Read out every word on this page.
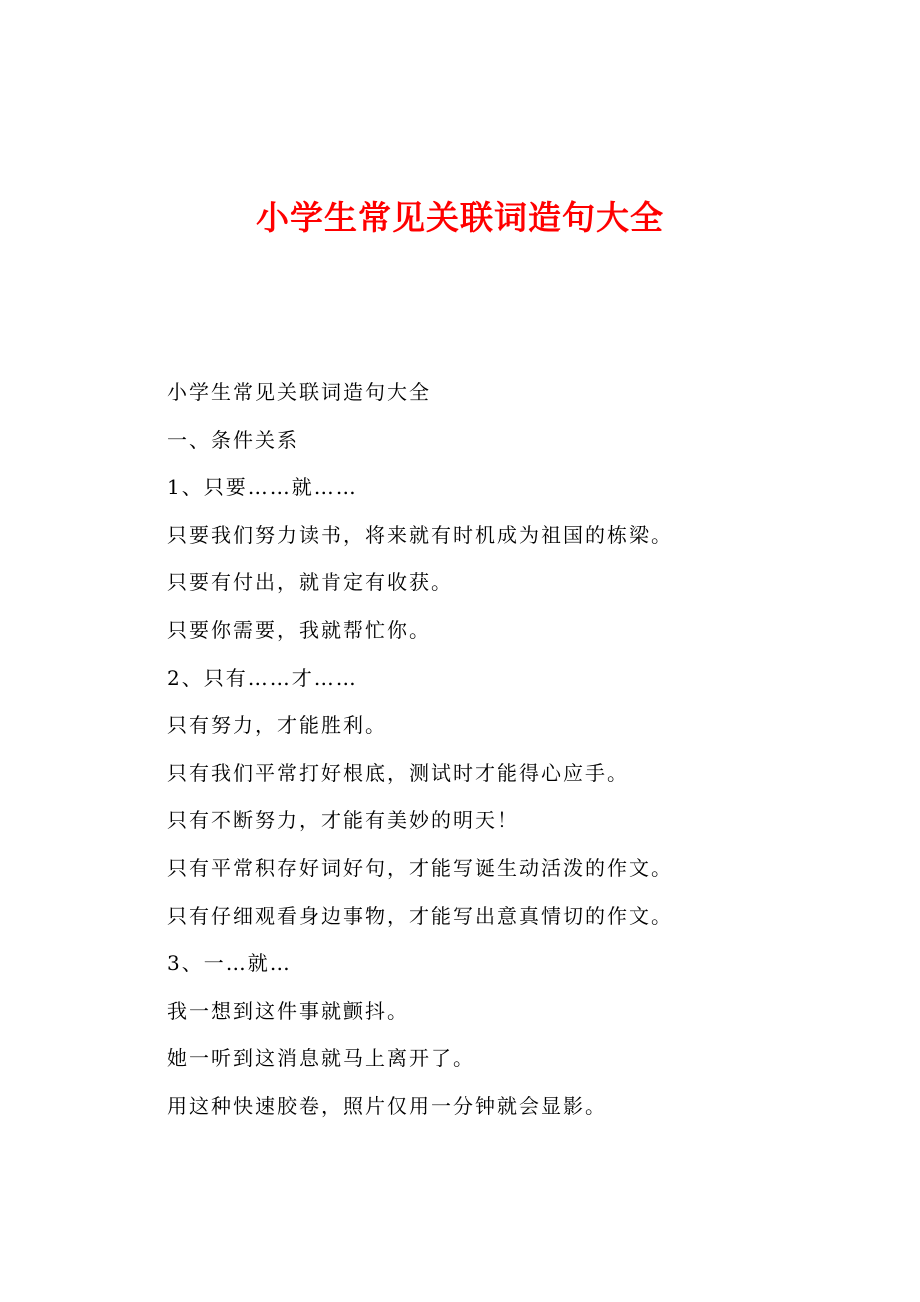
小学生常见关联词造句大全
小学生常见关联词造句大全
一、条件关系
1、只要……就……
只要我们努力读书，将来就有时机成为祖国的栋梁。
只要有付出，就肯定有收获。
只要你需要，我就帮忙你。
2、只有……才……
只有努力，才能胜利。
只有我们平常打好根底，测试时才能得心应手。
只有不断努力，才能有美妙的明天！
只有平常积存好词好句，才能写诞生动活泼的作文。
只有仔细观看身边事物，才能写出意真情切的作文。
3、一…就…
我一想到这件事就颤抖。
她一听到这消息就马上离开了。
用这种快速胶卷，照片仅用一分钟就会显影。
